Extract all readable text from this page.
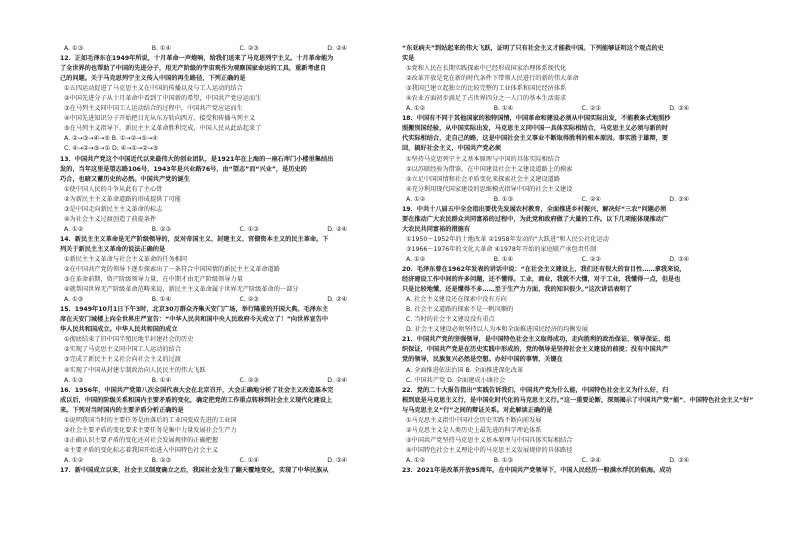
A. ①③	B. ①④	C. ②③	D. ②④
12．正如毛泽东在1949年所说，十月革命一声炮响，给我们送来了马克思列宁主义。十月革命能为
了全世界的也帮助了中国的先进分子，用无产阶级的宇宙观作为观察国家命运的工具，重新考虑自
己的问题。关于马克思列宁主义传入中国的再生路径，下列正确的是
①五四运动促进了马克思主义在中国的传播以及与工人运动的结合
②中国先进分子从十月革命中看到了中国新的希望，中国共产党应运而生
③在马列主义同中国工人运动结合的过程中，中国共产党应运而生
④中国先进知识分子开始把目光从东方转向西方，接受和传播马列主义
⑤在马列主义指导下，新民主主义革命胜利完成，中国人民从此站起来了
A. ②→③→④→⑤ B. ①→②→⑤→④
C. ④→②→⑤→① D. ④→①→②→⑤
13．中国共产党这个中国近代以来最伟大的创业团队，是1921年在上海的一座石库门小楼里集结出
发的，当年这里是望志路106号，1943年是兴业路76号，由“望志”而“兴业”，是历史的
巧合，也暗又蓄历史的必然。中国共产党的诞生
①使中国人民的斗争从此有了主心骨
②为新民主主义革命道路的形成提供了可能
③是中国走向新民主主义革命的标志
④为社会主义过渡创造了前提条件
A. ①②	B. ②③	C. ①③	D. ②④
14．新民主主义革命是无产阶级领导的，反对帝国主义、封建主义、官僚资本主义的民主革命。下
列关于新民主主义革命的说法正确的是
①新民主主义革命与社会主义革命的任务相同
②在中国共产党的领导下逐步探索出了一条符合中国国情的新民主主义革命道路
③在革命前期，资产阶级领导力量，在中期才由无产阶级领导力量
④就帮国世界无产阶级革命范畴来说，新民主主义革命属于世界无产阶级革命的一部分
A. ①③	B. ①④	C. ②③	D. ②④
15．1949年10月1日下午3时，北京30万群众齐集天安门广场，举行隆重的开国大典。毛泽东主
席在天安门城楼上向全世界庄严宣告：“中华人民共和国中央人民政府今天成立了！”向世界宣告中
华人民共和国成立。中华人民共和国的成立
①彻底结束了旧中国半殖民地半封建社会的历史
②实现了马克思主义同中国工人运动的结合
③完成了新民主主义社会向社会主义的过渡
④实现了中国从封建专制政治向人民民主的伟大飞跃
A. ①③	B. ①④	C. ②③	D. ②④
16．1956年，中国共产党第八次全国代表大会在北京召开，大会正确地分析了社会主义改造基本完
成以后，中国的阶级关系和国内主要矛盾的变化，确定把党的工作重点转移到社会主义现代化建设上
来。下列对当时国内的主要矛盾分析正确的是
①说明我国当时的主要任务是由落后的工业国变成先进的工业国
②社会主要矛盾的变化要求主要任务是集中力量发展社会生产力
③正确认识主要矛盾的变化还对社会发展规律的正确把握
④主要矛盾的变化标志着我国开始进入中国特色社会主义
A. ①②	B. ②③	C. ①④	D. ③④
17．新中国成立以来，社会主义制度确立之后，我国社会发生了翻天覆地变化，实现了中华民族从
“东亚病夫”到站起来的伟大飞跃，证明了只有社会主义才能救中国。下列能够证明这个观点的史
实是
①党和人民在长期实践探索中已经形成国家治理体系现代化
②改革开放是党在新的时代条件下带领人民进行的新的伟大革命
③我国已建立起独立的比较完整的工业体系和国民经济体系
④农业方面初步满足了占世界四分之一人口的基本生活需求
A. ①②	B. ①④	C. ②③	D. ③④
18．中国有不同于其他国家的独特国情，中国革命和建设必须从中国实际出发，不能教条式地照抄
照搬别国经验，从中国实际出发，马克思主义同中国一具体实际相结合，马克思主义必须与新的时
代实际相结合，走自己的路，这是中国社会主义事业不断取得胜利的根本原因。事实胜于雄辩，要
回，搞好社会主义，中国共产党必须
①坚持马克思列宁主义基本原理与中国的具体实际相结合
②以苏联经验为借鉴，在中国建设社会主义建设道路上的摸索
③立足中国国情和社会矛盾变化来探索社会主义建设道路
④充分利用现代国家建设的思维模式指导中国的社会主义建设
A. ①②	B. ①③	C. ②④	D. ③④
19．中共十八届五中全会指出要优先发展农村教育，全面推进乡村振兴，解决好“三农”问题必须
要在推动广大农民群众共同富裕的过程中，为此党和政府做了大量的工作。以下几项能体现推动广
大农民共同富裕的措施有
①1950～1952年的土地改革 ②1958年发动的“大跃进”和人民公社化运动
③1966～1976年的文化大革命 ④1978年开始的家庭联产承包责任制
A. ①②	B. ①④	C. ②③	D. ③④
20．毛泽东曾在1962年发表的讲话中说：“在社会主义建设上，我们还有很大的盲目性……拿我来说，
经济建设工作中间的许多问题，还不懂得。工业，商业，我就不大懂，对于工业，我懂得一点，但是也
只是比较地懂，还是懂得不多……至于生产力方面，我的知识很少。”这次讲话表明了
A. 社会主义建设还在探索中没有方向
B. 社会主义道路的探索不是一帆风顺的
C. 当时的社会主义建设没有重点
D. 社会主义建设必须坚持以人为本和全面推进国民经济的均衡发展
21．中国共产党的坚强领导，是中国特色社会主义取得成功，走向胜利的政治保证、领导保证、组
织保证，中国共产党是在历史实践中形成的，党的领导是坚持社会主义建设的前提；没有中国共产
党的领导，民族复兴必然是空想。办好中国的事情，关键在
A. 全面推进依法治国 B. 全面推进深化改革
C. 中国共产党 D. 全面建成小康社会
22．党的二十大报告指出“实践告诉我们，中国共产党为什么能，中国特色社会主义为什么好，归
根到底是马克思主义行，是中国化时代化的马克思主义行。”这一重要论断，深刻揭示了中国共产党“能”、中国特色社会主义“好”
与马克思主义“行”之间的辩证关系。对此解读正确的是
①马克思主义指引中国社会历史实践不断向前发展
②马克思主义是人类历史上最先进的科学理论体系
③中国共产党坚持马克思主义基本原理与中国具体实际相结合
④中国特色社会主义理论中的马克思主义发展规律的具体路径
A. ①②	B. ①③	C. ②④	D. ③④
23．2021年是改革开放95周年。在中国共产党领导下，中国人民经历一般满水浮沉的航海。成功
